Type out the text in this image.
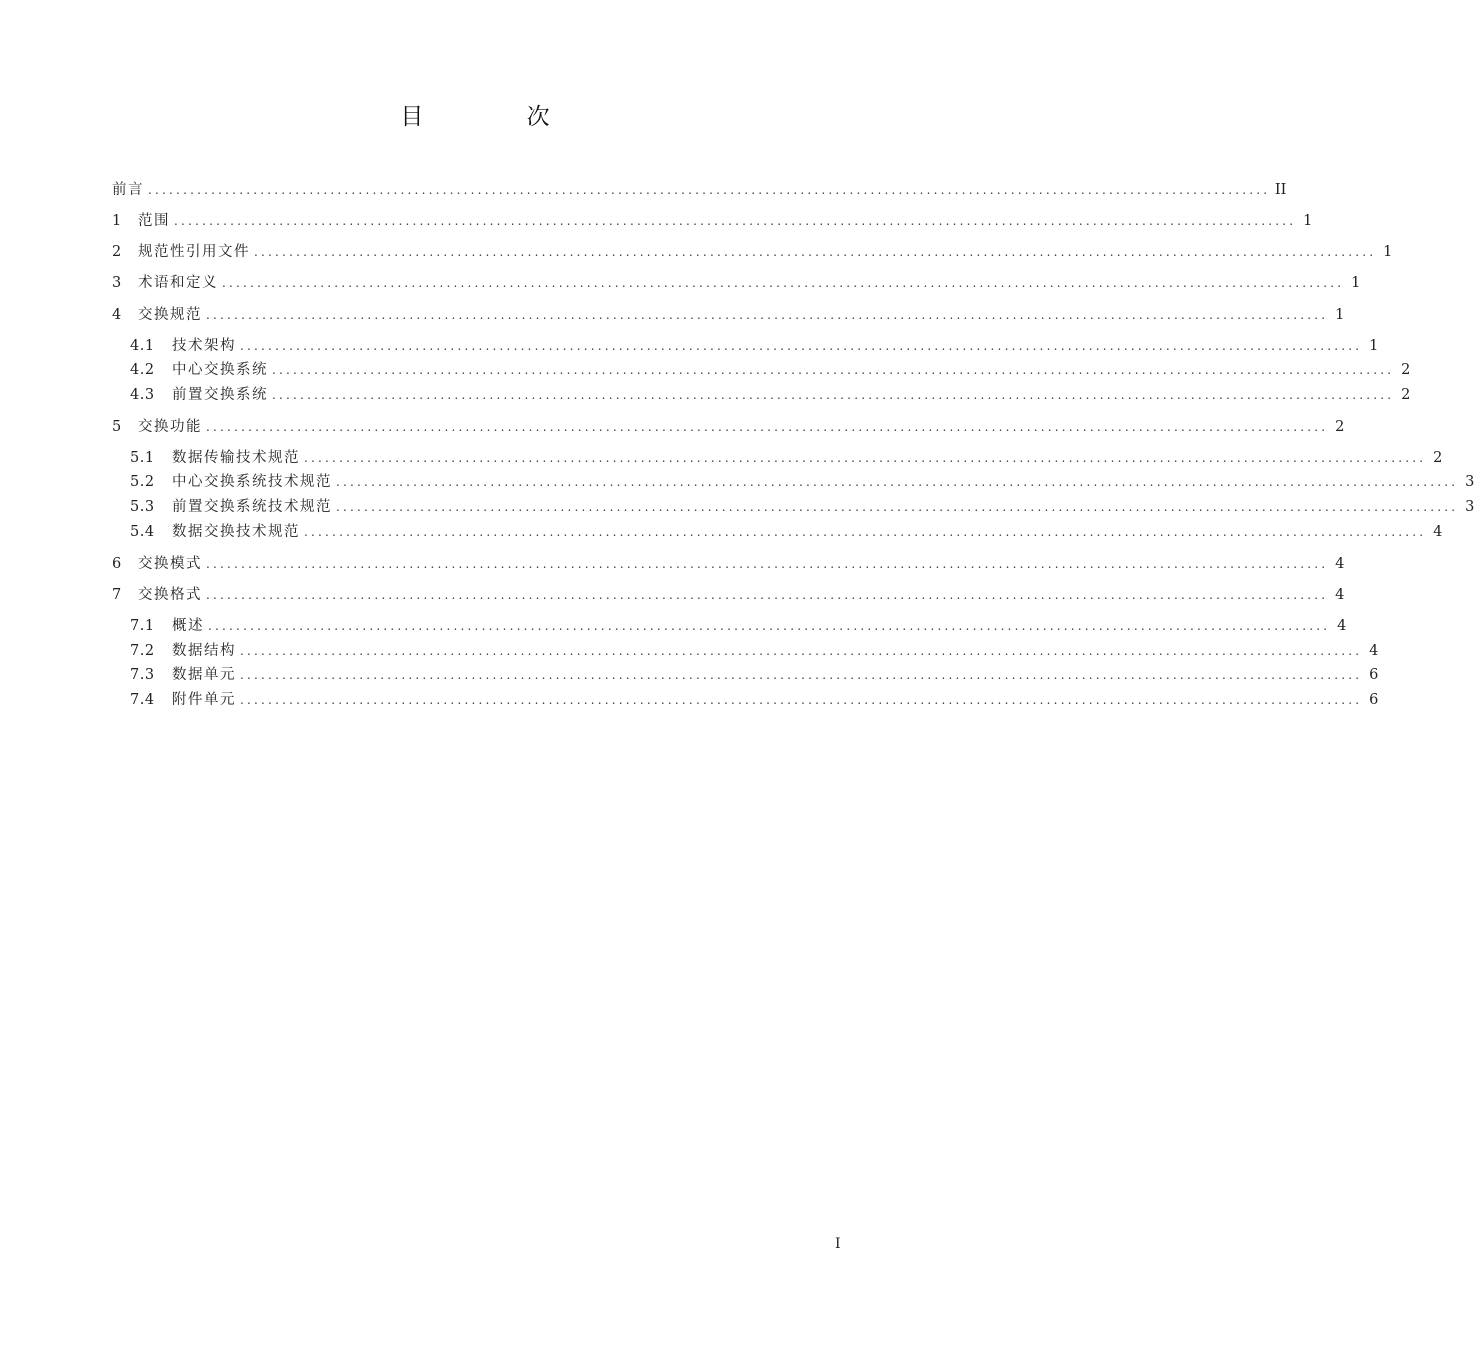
目 次
前言 ................................................................................................................................................................ II
1	范围 ................................................................................................................................................................ 1
2	规范性引用文件 ................................................................................................................................................................ 1
3	术语和定义 ................................................................................................................................................................ 1
4	交换规范 ................................................................................................................................................................ 1
4.1	技术架构 ................................................................................................................................................................ 1
4.2	中心交换系统 ................................................................................................................................................................ 2
4.3	前置交换系统 ................................................................................................................................................................ 2
5	交换功能 ................................................................................................................................................................ 2
5.1	数据传输技术规范 ................................................................................................................................................................ 2
5.2	中心交换系统技术规范 ................................................................................................................................................................ 3
5.3	前置交换系统技术规范 ................................................................................................................................................................ 3
5.4	数据交换技术规范 ................................................................................................................................................................ 4
6	交换模式 ................................................................................................................................................................ 4
7	交换格式 ................................................................................................................................................................ 4
7.1	概述 ................................................................................................................................................................ 4
7.2	数据结构 ................................................................................................................................................................ 4
7.3	数据单元 ................................................................................................................................................................ 6
7.4	附件单元 ................................................................................................................................................................ 6
I
